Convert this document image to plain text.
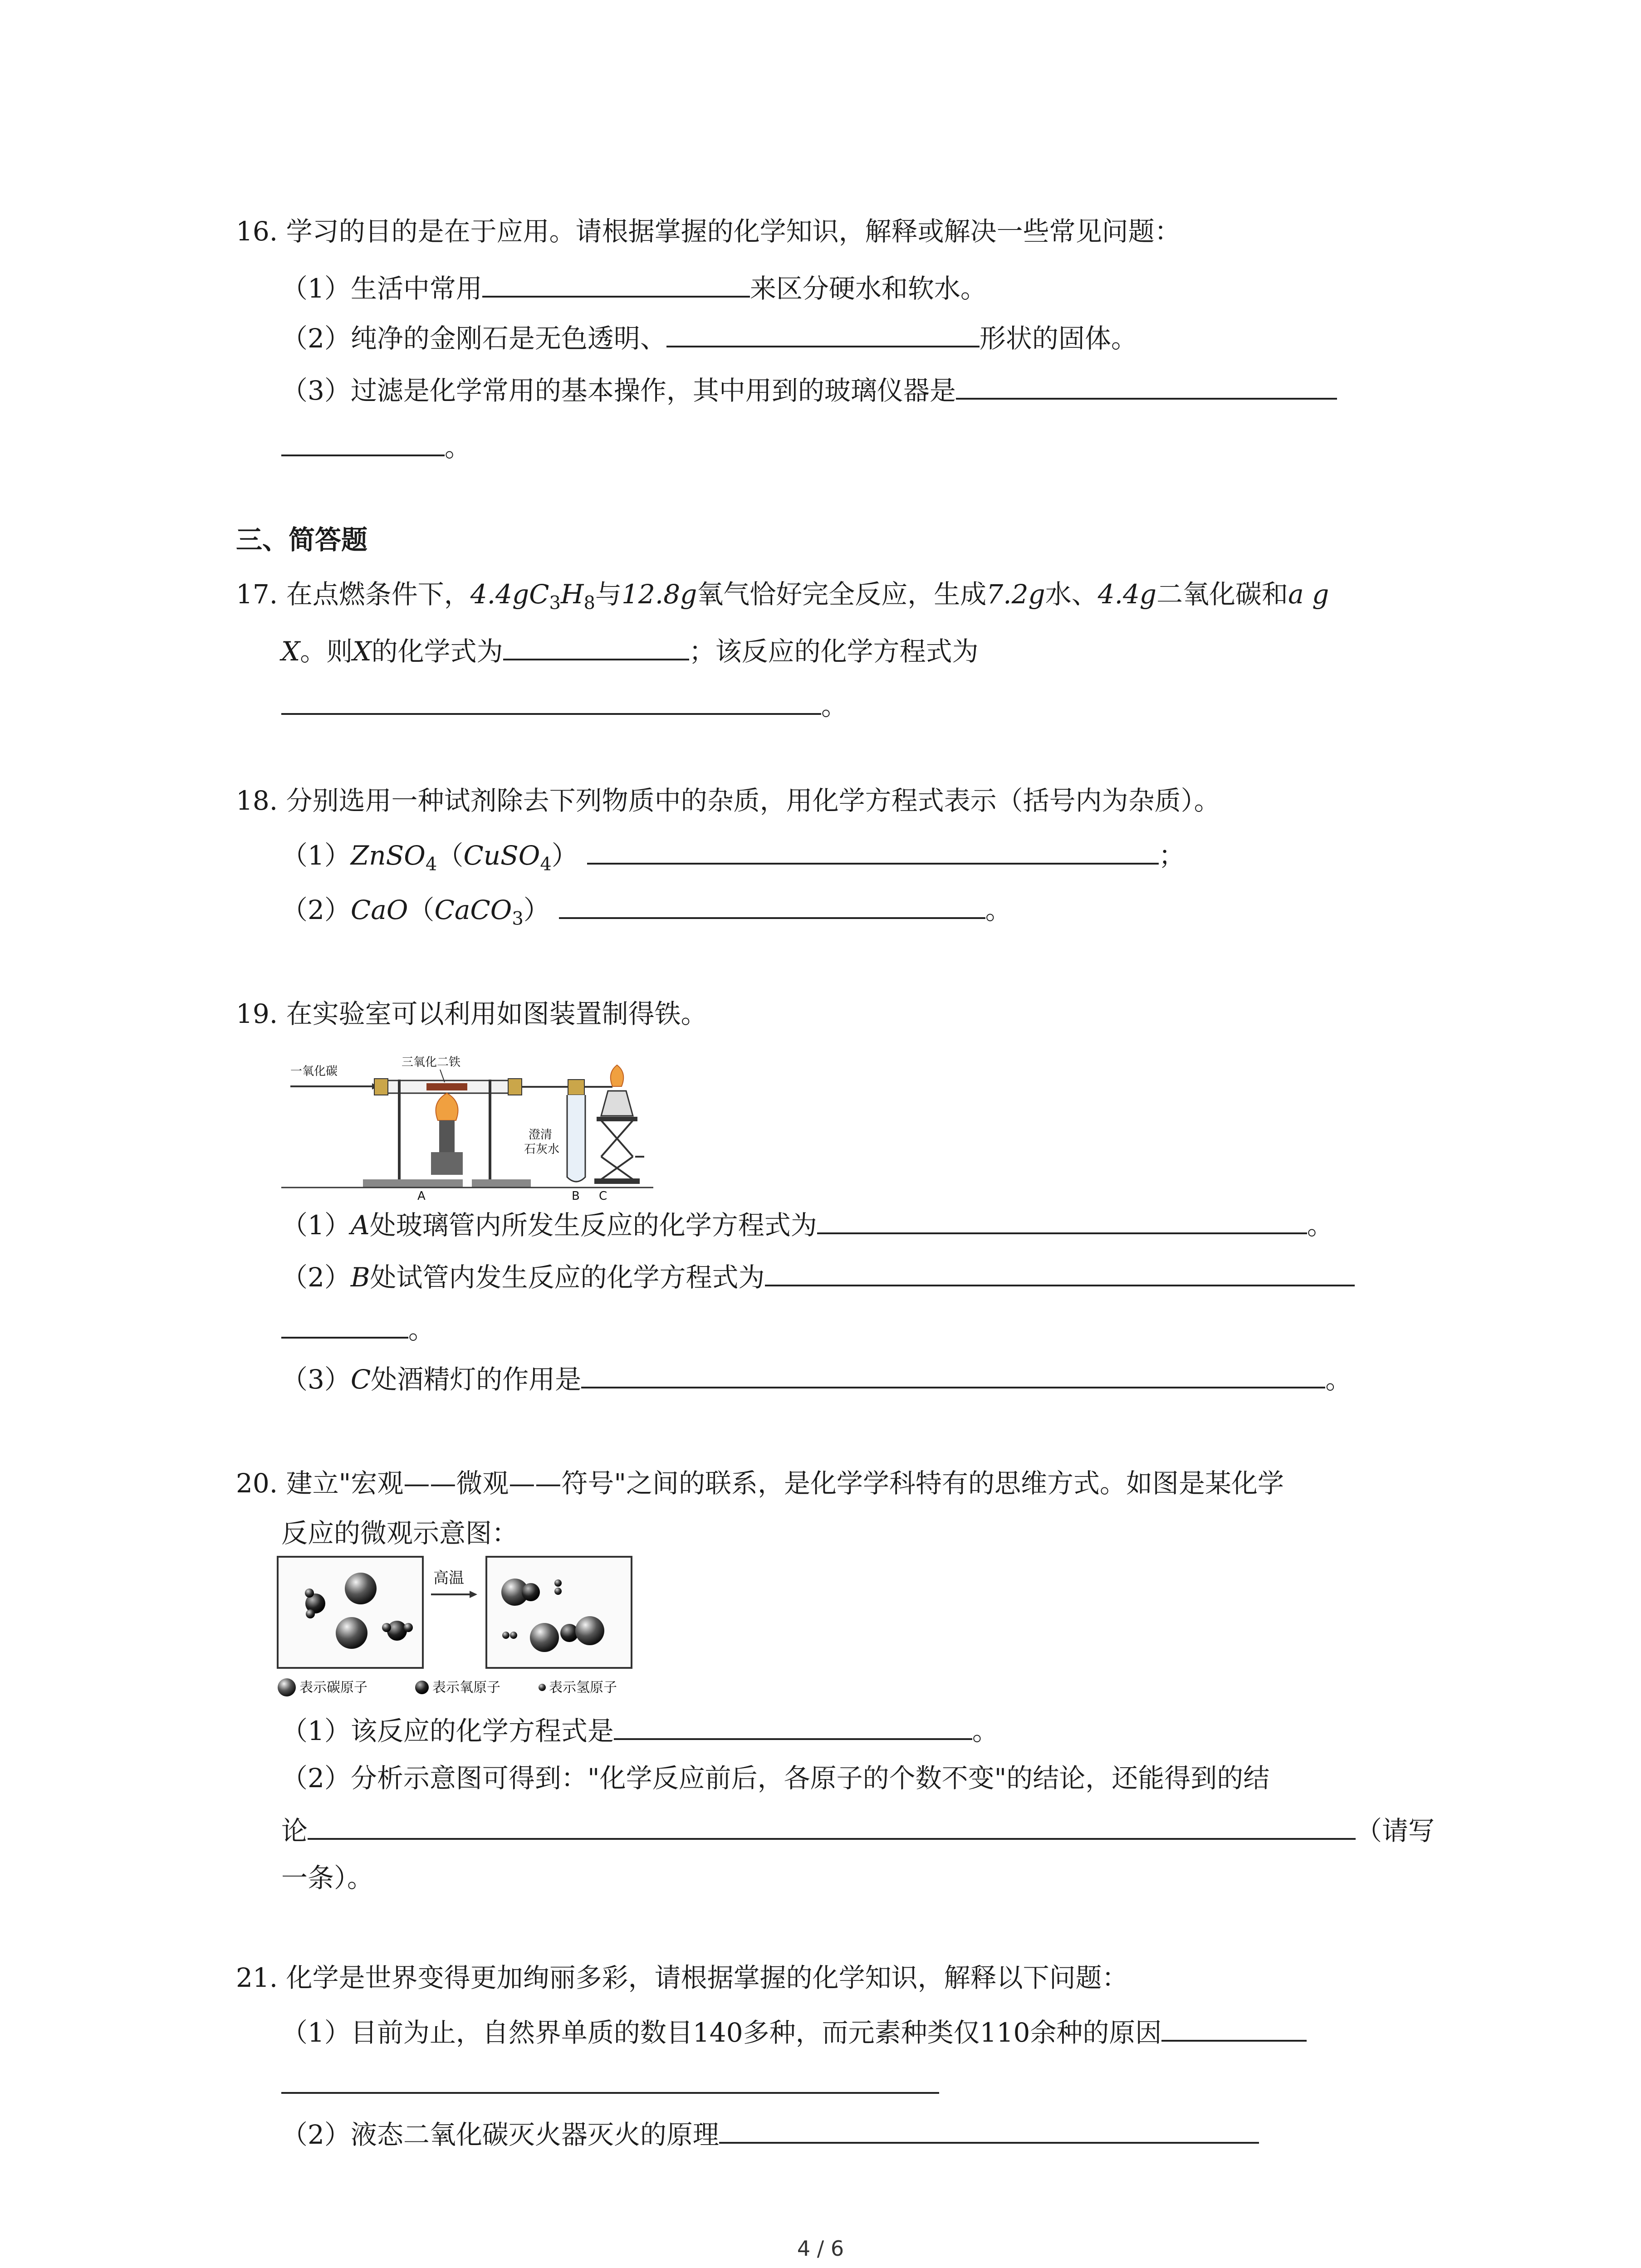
16. 学习的目的是在于应用。请根据掌握的化学知识，解释或解决一些常见问题：
（1）生活中常用	来区分硬水和软水。
（2）纯净的金刚石是无色透明、	形状的固体。
（3）过滤是化学常用的基本操作，其中用到的玻璃仪器是
。
三、简答题
17. 在点燃条件下，$4.4gC_3H_8$与12.8g氧气恰好完全反应，生成7.2g水、4.4g二氧化碳和a g
X。则X的化学式为	；该反应的化学方程式为
。
18. 分别选用一种试剂除去下列物质中的杂质，用化学方程式表示（括号内为杂质）。
（1）ZnSO$_4$（CuSO$_4$）	；
（2）CaO（CaCO$_3$）	。
19. 在实验室可以利用如图装置制得铁。
一氧化碳
三氧化二铁
澄清
石灰水
A	B C
（1）A处玻璃管内所发生反应的化学方程式为	。
（2）B处试管内发生反应的化学方程式为
。
（3）C处酒精灯的作用是	。
20. 建立"宏观——微观——符号"之间的联系，是化学学科特有的思维方式。如图是某化学
反应的微观示意图：
高温
表示碳原子	表示氧原子	表示氢原子
（1）该反应的化学方程式是	。
（2）分析示意图可得到："化学反应前后，各原子的个数不变"的结论，还能得到的结
论	（请写
一条）。
21. 化学是世界变得更加绚丽多彩，请根据掌握的化学知识，解释以下问题：
（1）目前为止，自然界单质的数目140多种，而元素种类仅110余种的原因
（2）液态二氧化碳灭火器灭火的原理
4 / 6
